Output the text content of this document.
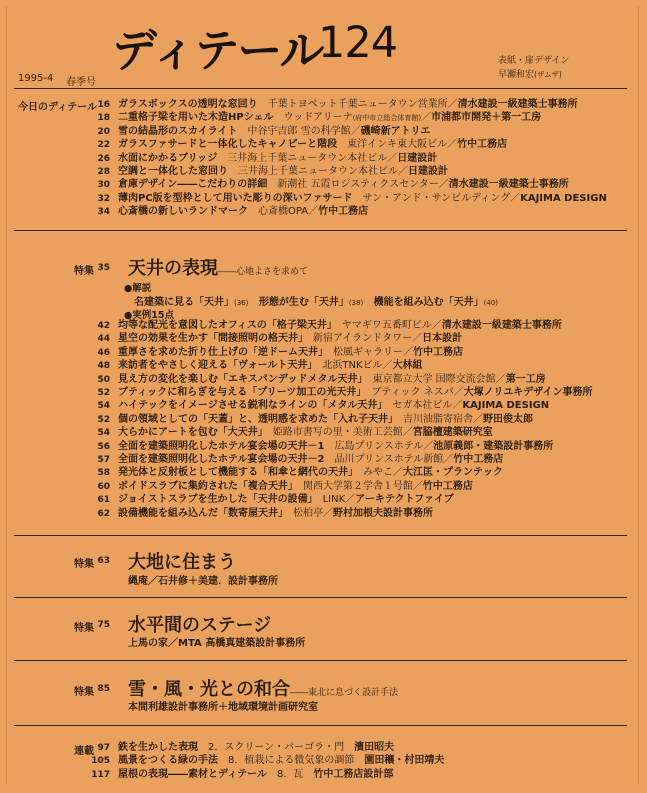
ディテール
124
1995-4 春季号
表紙・扉デザイン
早瀬和宏(ザムザ)
今日のディテール 16 ガラスボックスの透明な窓回り　 千葉トヨペット千葉ニュータウン営業所／清水建設一級建築士事務所
18 二重格子梁を用いた木造HPシェル　 ウッドアリーナ(府中市立総合体育館)／市浦都市開発＋第一工房
20 雪の結晶形のスカイライト　 中谷宇吉郎 雪の科学館／磯崎新アトリエ
22 ガラスファサードと一体化したキャノピーと階段　 東洋インキ東大阪ビル／竹中工務店
26 水面にかかるブリッジ　 三井海上千葉ニュータウン本社ビル／日建設計
28 空調と一体化した窓回り　 三井海上千葉ニュータウン本社ビル／日建設計
30 倉庫デザイン――こだわりの詳細　 新潮社 五霞ロジスティクスセンター／清水建設一級建築士事務所
32 薄肉PC版を型枠として用いた彫りの深いファサード　 サン・アンド・サンビルディング／KAJIMA DESIGN
34 心斎橋の新しいランドマーク　 心斎橋OPA／竹中工務店
特集 35 天井の表現――心地よさを求めて
●解説
名建築に見る「天井」(36) 形態が生む「天井」(38) 機能を組み込む「天井」(40)
●実例15点
42 均等な配光を意図したオフィスの「格子梁天井」　 ヤマギワ五番町ビル／清水建設一級建築士事務所
44 星空の効果を生かす「間接照明の格天井」　 新宿アイランドタワー／日本設計
46 重厚さを求めた折り仕上げの「逆ドーム天井」　 松風ギャラリー／竹中工務店
48 来訪者をやさしく迎える「ヴォールト天井」　 北浜TNKビル／大林組
50 見え方の変化を楽しむ「エキスパンデッドメタル天井」　 東京都立大学 国際交流会館／第一工房
52 ブティックに和らぎを与える「プリーツ加工の光天井」　 ブティック ネスパ／大塚ノリユキデザイン事務所
54 ハイテックをイメージさせる鋭利なラインの「メタル天井」　 セガ本社ビル／KAJIMA DESIGN
52 個の領域としての「天蓋」と、透明感を求めた「入れ子天井」　 吉川油脂寄宿舎／野田俊太郎
54 大らかにアートを包む「大天井」　 姫路市書写の里・美術工芸館／宮脇檀建築研究室
56 全面を建築照明化したホテル宴会場の天井－1　 広島プリンスホテル／池原義郎・建築設計事務所
57 全面を建築照明化したホテル宴会場の天井－2　 品川プリンスホテル新館／竹中工務店
58 発光体と反射板として機能する「和傘と網代の天井」　 みやこ／大江匡・プランテック
60 ボイドスラブに集約された「複合天井」　 関西大学第２学舎１号館／竹中工務店
61 ジョイストスラブを生かした「天井の設備」　 LINK／アーキテクトファイブ
62 設備機能を組み込んだ「数寄屋天井」　 松柏亭／野村加根夫設計事務所
特集 63 大地に住まう
縄庵／石井修＋美建．設計事務所
特集 75 水平間のステージ
上馬の家／MTA 高橋真建築設計事務所
特集 85 雪・風・光との和合――東北に息づく設計手法
本間利雄設計事務所＋地域環境計画研究室
連載 97 鉄を生かした表現　 2．スクリーン・パーゴラ・門　 濱田昭夫
105 風景をつくる緑の手法　 8．植栽による微気象の調節　 園田穰・村田靖夫
117 屋根の表現――素材とディテール　 8．瓦　 竹中工務店設計部
